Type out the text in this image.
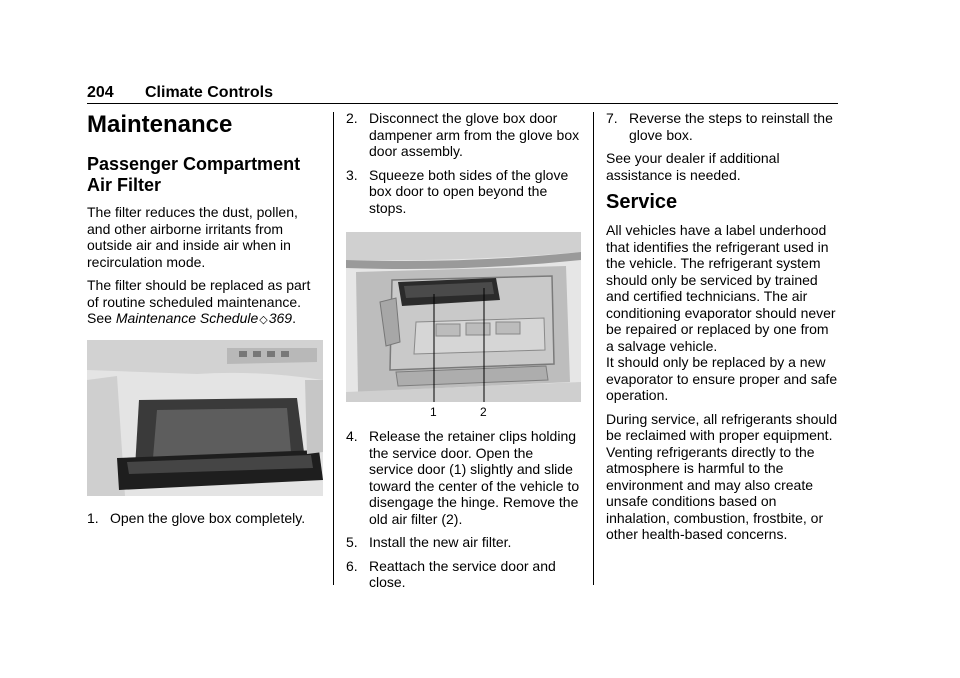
204 Climate Controls
Maintenance
Passenger Compartment Air Filter

The filter reduces the dust, pollen, and other airborne irritants from outside air and inside air when in recirculation mode.

The filter should be replaced as part of routine scheduled maintenance. See Maintenance Schedule◇369.

1. Open the glove box completely.
2. Disconnect the glove box door dampener arm from the glove box door assembly.
3. Squeeze both sides of the glove box door to open beyond the stops.
1	2
4. Release the retainer clips holding the service door. Open the service door (1) slightly and slide toward the center of the vehicle to disengage the hinge. Remove the old air filter (2).
5. Install the new air filter.
6. Reattach the service door and close.
7. Reverse the steps to reinstall the glove box.

See your dealer if additional assistance is needed.

Service

All vehicles have a label underhood that identifies the refrigerant used in the vehicle. The refrigerant system should only be serviced by trained and certified technicians. The air conditioning evaporator should never be repaired or replaced by one from a salvage vehicle.

It should only be replaced by a new evaporator to ensure proper and safe operation.

During service, all refrigerants should be reclaimed with proper equipment. Venting refrigerants directly to the atmosphere is harmful to the environment and may also create unsafe conditions based on inhalation, combustion, frostbite, or other health-based concerns.
